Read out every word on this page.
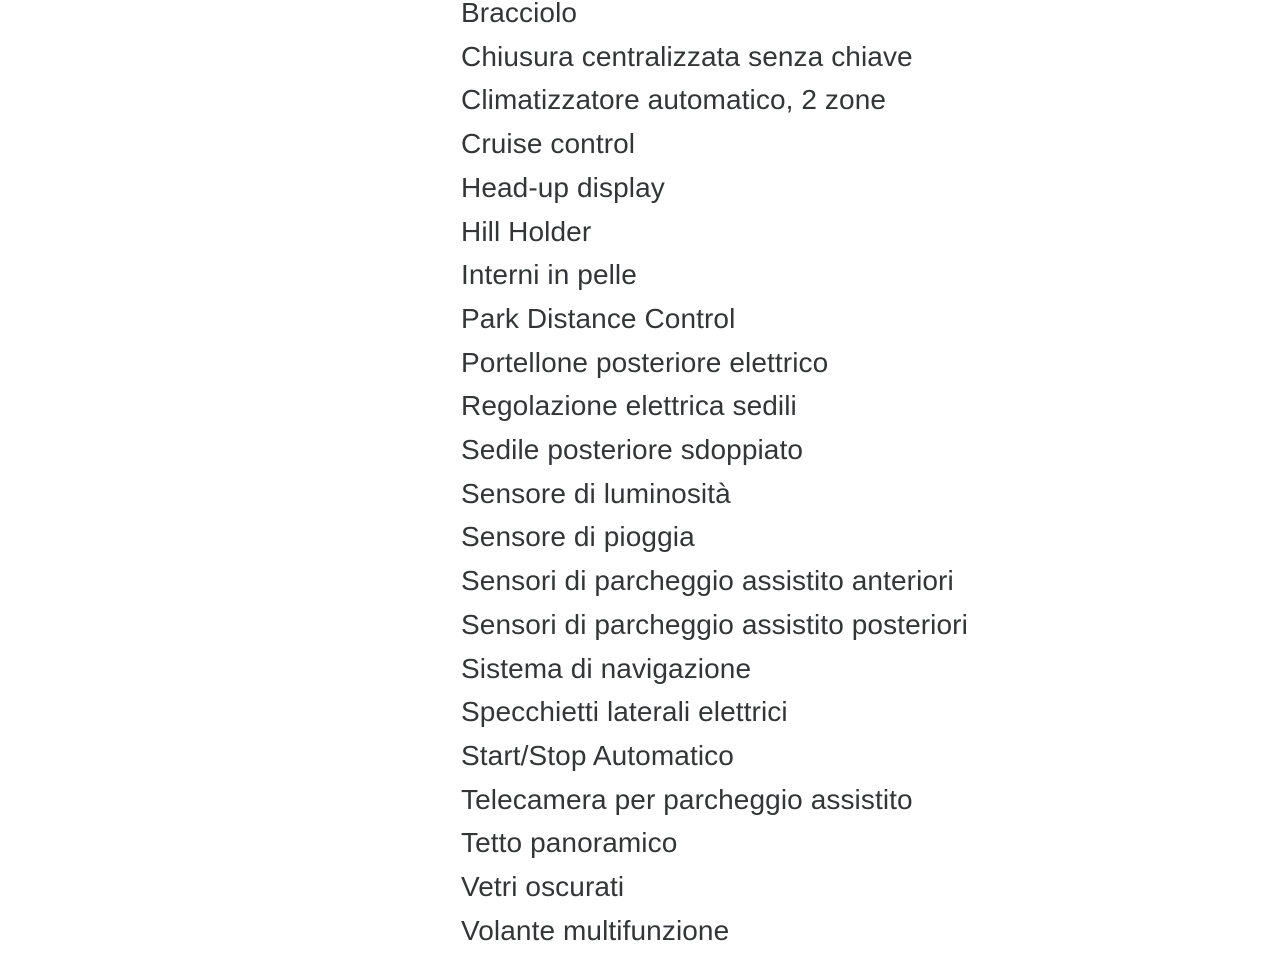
Bracciolo
Chiusura centralizzata senza chiave
Climatizzatore automatico, 2 zone
Cruise control
Head-up display
Hill Holder
Interni in pelle
Park Distance Control
Portellone posteriore elettrico
Regolazione elettrica sedili
Sedile posteriore sdoppiato
Sensore di luminosità
Sensore di pioggia
Sensori di parcheggio assistito anteriori
Sensori di parcheggio assistito posteriori
Sistema di navigazione
Specchietti laterali elettrici
Start/Stop Automatico
Telecamera per parcheggio assistito
Tetto panoramico
Vetri oscurati
Volante multifunzione
